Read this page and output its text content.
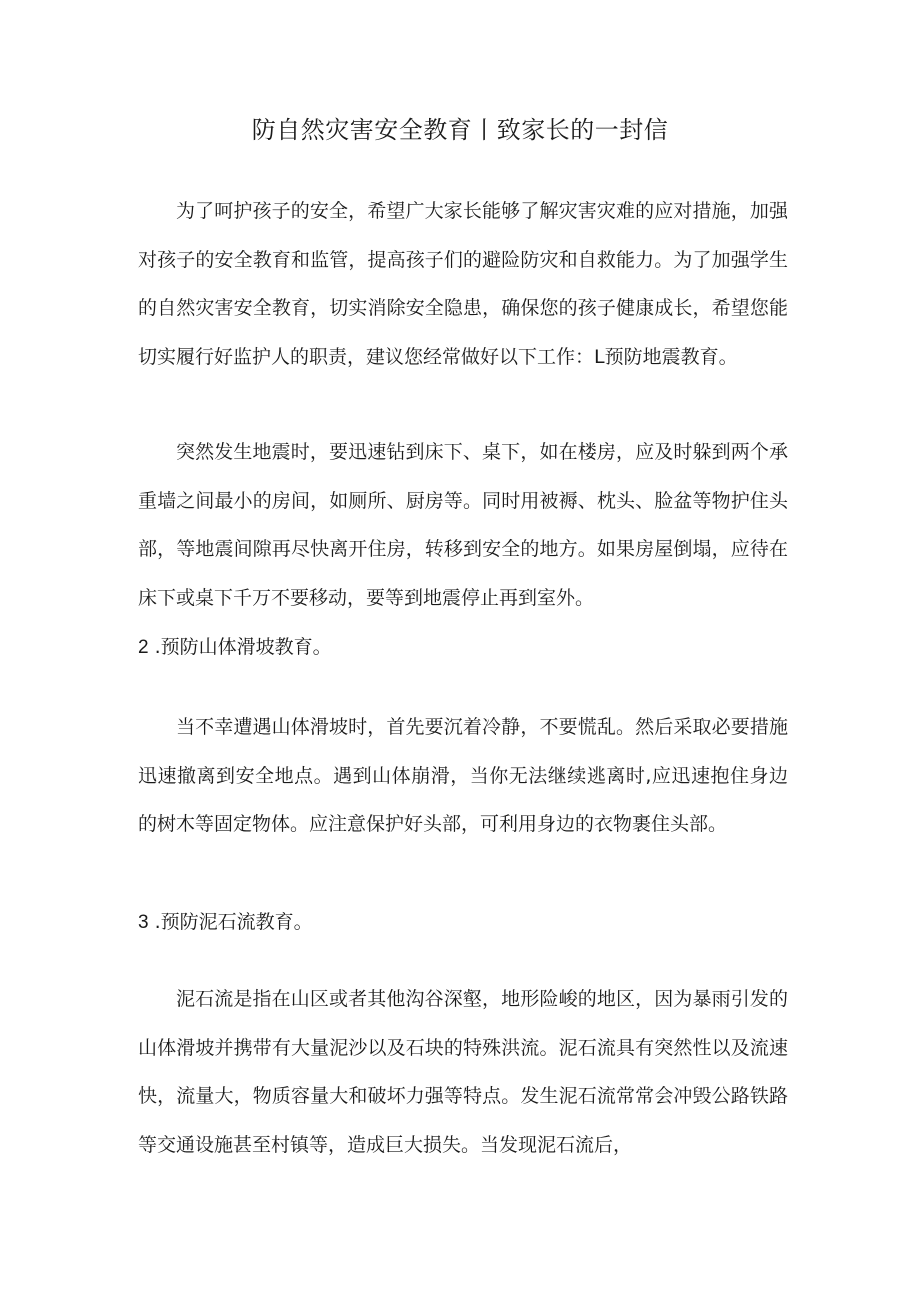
防自然灾害安全教育丨致家长的一封信

为了呵护孩子的安全，希望广大家长能够了解灾害灾难的应对措施，加强对孩子的安全教育和监管，提高孩子们的避险防灾和自救能力。为了加强学生的自然灾害安全教育，切实消除安全隐患，确保您的孩子健康成长，希望您能切实履行好监护人的职责，建议您经常做好以下工作：L预防地震教育。

突然发生地震时，要迅速钻到床下、桌下，如在楼房，应及时躲到两个承重墙之间最小的房间，如厕所、厨房等。同时用被褥、枕头、脸盆等物护住头部，等地震间隙再尽快离开住房，转移到安全的地方。如果房屋倒塌，应待在床下或桌下千万不要移动，要等到地震停止再到室外。

2 .预防山体滑坡教育。

当不幸遭遇山体滑坡时，首先要沉着冷静，不要慌乱。然后采取必要措施迅速撤离到安全地点。遇到山体崩滑，当你无法继续逃离时,应迅速抱住身边的树木等固定物体。应注意保护好头部，可利用身边的衣物裹住头部。

3 .预防泥石流教育。

泥石流是指在山区或者其他沟谷深壑，地形险峻的地区，因为暴雨引发的山体滑坡并携带有大量泥沙以及石块的特殊洪流。泥石流具有突然性以及流速快，流量大，物质容量大和破坏力强等特点。发生泥石流常常会冲毁公路铁路等交通设施甚至村镇等，造成巨大损失。当发现泥石流后，
